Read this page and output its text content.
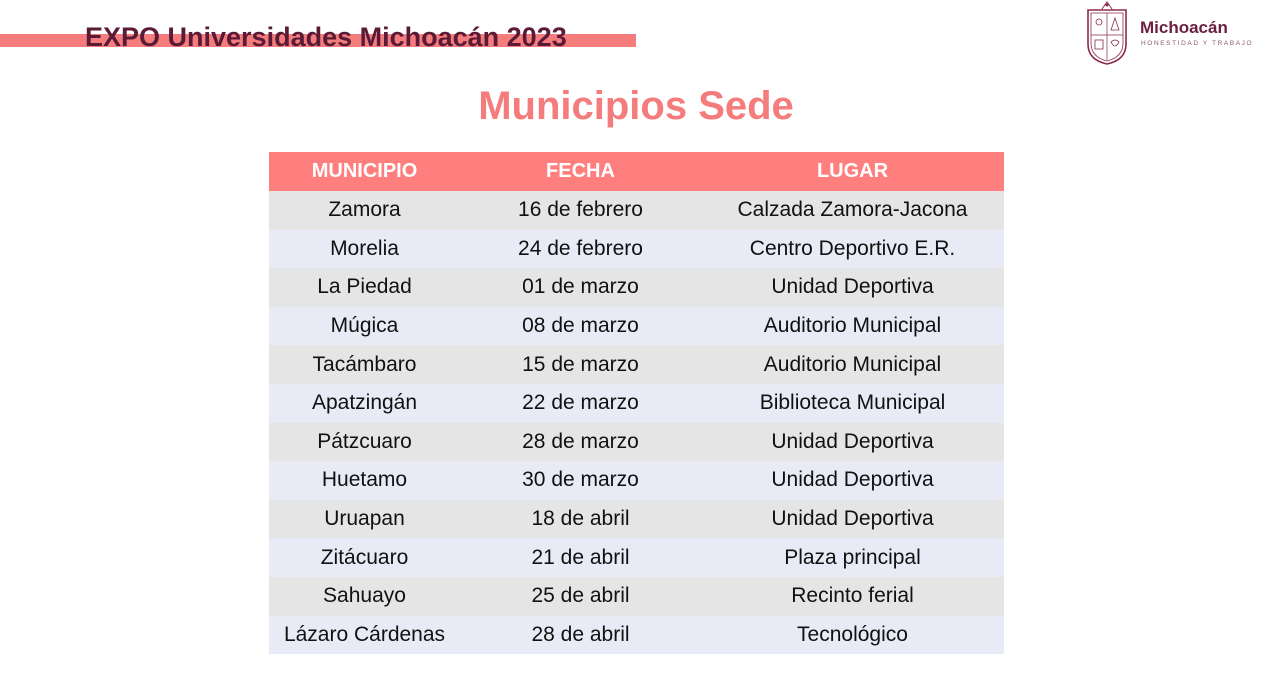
EXPO Universidades Michoacán 2023	Michoacán
HONESTIDAD Y TRABAJO
Municipios Sede
MUNICIPIO	FECHA	LUGAR
Zamora	16 de febrero	Calzada Zamora-Jacona
Morelia	24 de febrero	Centro Deportivo E.R.
La Piedad	01 de marzo	Unidad Deportiva
Múgica	08 de marzo	Auditorio Municipal
Tacámbaro	15 de marzo	Auditorio Municipal
Apatzingán	22 de marzo	Biblioteca Municipal
Pátzcuaro	28 de marzo	Unidad Deportiva
Huetamo	30 de marzo	Unidad Deportiva
Uruapan	18 de abril	Unidad Deportiva
Zitácuaro	21 de abril	Plaza principal
Sahuayo	25 de abril	Recinto ferial
Lázaro Cárdenas	28 de abril	Tecnológico
